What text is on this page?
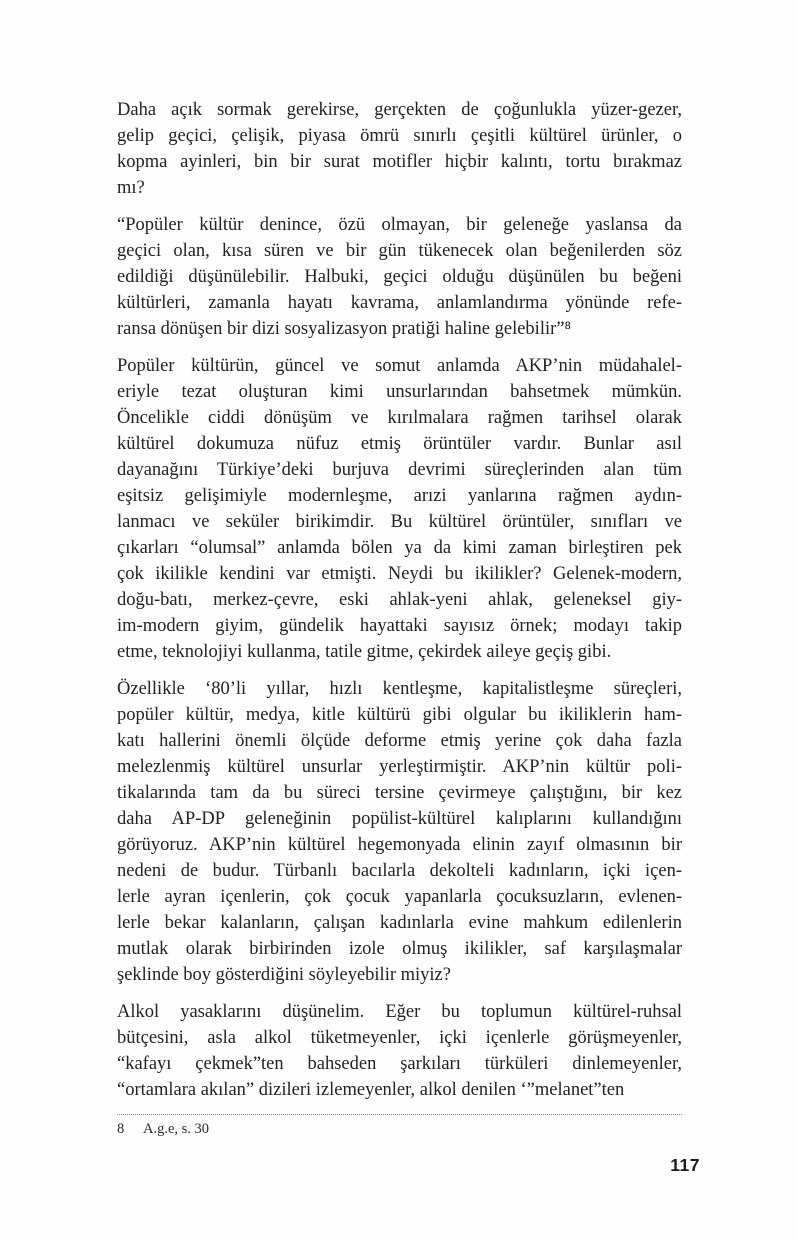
Daha açık sormak gerekirse, gerçekten de çoğunlukla yüzer-gezer,
gelip geçici, çelişik, piyasa ömrü sınırlı çeşitli kültürel ürünler, o
kopma ayinleri, bin bir surat motifler hiçbir kalıntı, tortu bırakmaz
mı?
“Popüler kültür denince, özü olmayan, bir geleneğe yaslansa da
geçici olan, kısa süren ve bir gün tükenecek olan beğenilerden söz
edildiği düşünülebilir. Halbuki, geçici olduğu düşünülen bu beğeni
kültürleri, zamanla hayatı kavrama, anlamlandırma yönünde refe-
ransa dönüşen bir dizi sosyalizasyon pratiği haline gelebilir”⁸
Popüler kültürün, güncel ve somut anlamda AKP’nin müdahalel-
eriyle tezat oluşturan kimi unsurlarından bahsetmek mümkün.
Öncelikle ciddi dönüşüm ve kırılmalara rağmen tarihsel olarak
kültürel dokumuza nüfuz etmiş örüntüler vardır. Bunlar asıl
dayanağını Türkiye’deki burjuva devrimi süreçlerinden alan tüm
eşitsiz gelişimiyle modernleşme, arızi yanlarına rağmen aydın-
lanmacı ve seküler birikimdir. Bu kültürel örüntüler, sınıfları ve
çıkarları “olumsal” anlamda bölen ya da kimi zaman birleştiren pek
çok ikilikle kendini var etmişti. Neydi bu ikilikler? Gelenek-modern,
doğu-batı, merkez-çevre, eski ahlak-yeni ahlak, geleneksel giy-
im-modern giyim, gündelik hayattaki sayısız örnek; modayı takip
etme, teknolojiyi kullanma, tatile gitme, çekirdek aileye geçiş gibi.
Özellikle ‘80’li yıllar, hızlı kentleşme, kapitalistleşme süreçleri,
popüler kültür, medya, kitle kültürü gibi olgular bu ikiliklerin ham-
katı hallerini önemli ölçüde deforme etmiş yerine çok daha fazla
melezlenmiş kültürel unsurlar yerleştirmiştir. AKP’nin kültür poli-
tikalarında tam da bu süreci tersine çevirmeye çalıştığını, bir kez
daha AP-DP geleneğinin popülist-kültürel kalıplarını kullandığını
görüyoruz. AKP’nin kültürel hegemonyada elinin zayıf olmasının bir
nedeni de budur. Türbanlı bacılarla dekolteli kadınların, içki içen-
lerle ayran içenlerin, çok çocuk yapanlarla çocuksuzların, evlenen-
lerle bekar kalanların, çalışan kadınlarla evine mahkum edilenlerin
mutlak olarak birbirinden izole olmuş ikilikler, saf karşılaşmalar
şeklinde boy gösterdiğini söyleyebilir miyiz?
Alkol yasaklarını düşünelim. Eğer bu toplumun kültürel-ruhsal
bütçesini, asla alkol tüketmeyenler, içki içenlerle görüşmeyenler,
“kafayı çekmek”ten bahseden şarkıları türküleri dinlemeyenler,
“ortamlara akılan” dizileri izlemeyenler, alkol denilen ‘”melanet”ten
8	A.g.e, s. 30
117
